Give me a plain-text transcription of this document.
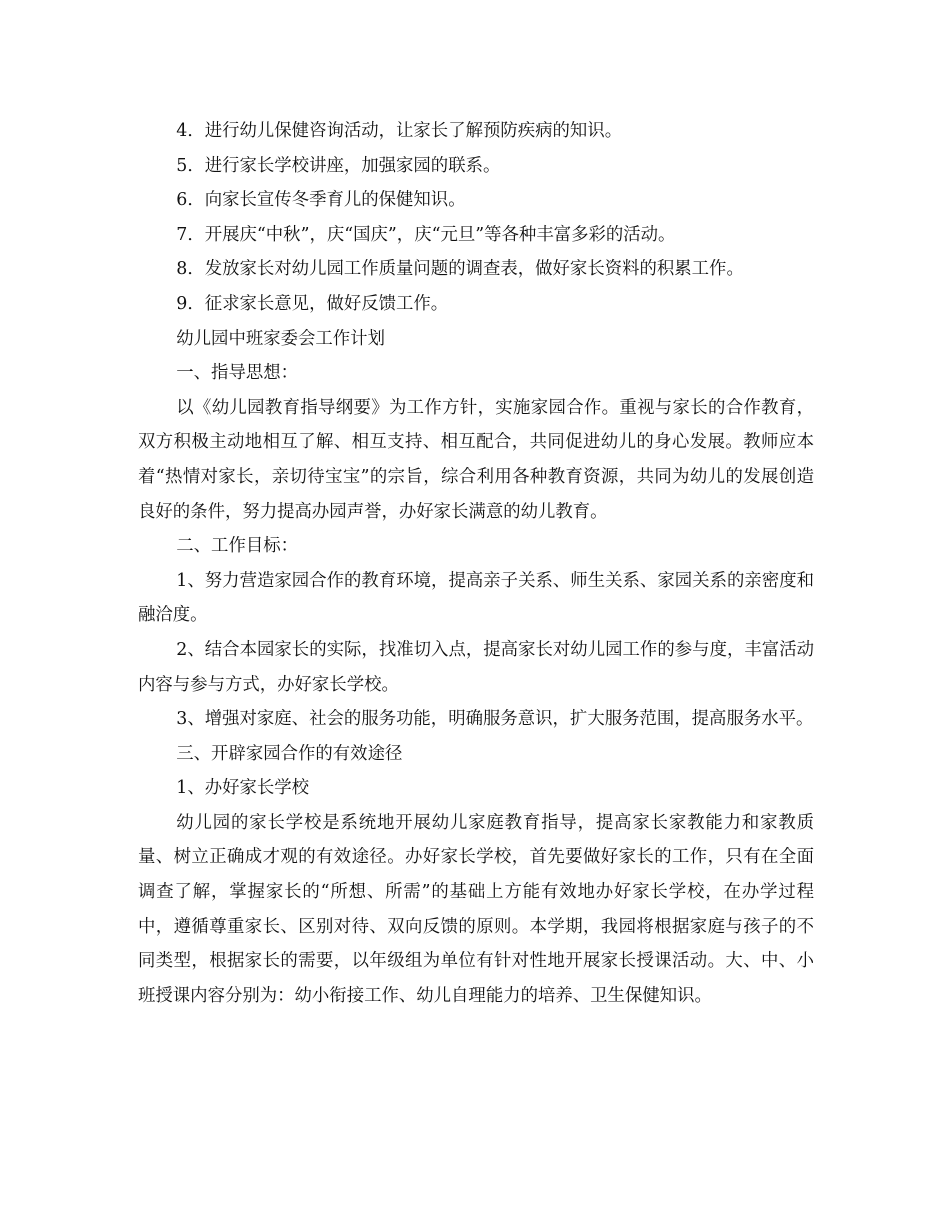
4．进行幼儿保健咨询活动，让家长了解预防疾病的知识。

5．进行家长学校讲座，加强家园的联系。

6．向家长宣传冬季育儿的保健知识。

7．开展庆“中秋”，庆“国庆”，庆“元旦”等各种丰富多彩的活动。

8．发放家长对幼儿园工作质量问题的调查表，做好家长资料的积累工作。

9．征求家长意见，做好反馈工作。

幼儿园中班家委会工作计划

一、指导思想：

以《幼儿园教育指导纲要》为工作方针，实施家园合作。重视与家长的合作教育，双方积极主动地相互了解、相互支持、相互配合，共同促进幼儿的身心发展。教师应本着“热情对家长，亲切待宝宝”的宗旨，综合利用各种教育资源，共同为幼儿的发展创造良好的条件，努力提高办园声誉，办好家长满意的幼儿教育。

二、工作目标：

1、努力营造家园合作的教育环境，提高亲子关系、师生关系、家园关系的亲密度和融洽度。

2、结合本园家长的实际，找准切入点，提高家长对幼儿园工作的参与度，丰富活动内容与参与方式，办好家长学校。

3、增强对家庭、社会的服务功能，明确服务意识，扩大服务范围，提高服务水平。

三、开辟家园合作的有效途径

1、办好家长学校

幼儿园的家长学校是系统地开展幼儿家庭教育指导，提高家长家教能力和家教质量、树立正确成才观的有效途径。办好家长学校，首先要做好家长的工作，只有在全面调查了解，掌握家长的“所想、所需”的基础上方能有效地办好家长学校，在办学过程中，遵循尊重家长、区别对待、双向反馈的原则。本学期，我园将根据家庭与孩子的不同类型，根据家长的需要，以年级组为单位有针对性地开展家长授课活动。大、中、小班授课内容分别为：幼小衔接工作、幼儿自理能力的培养、卫生保健知识。
